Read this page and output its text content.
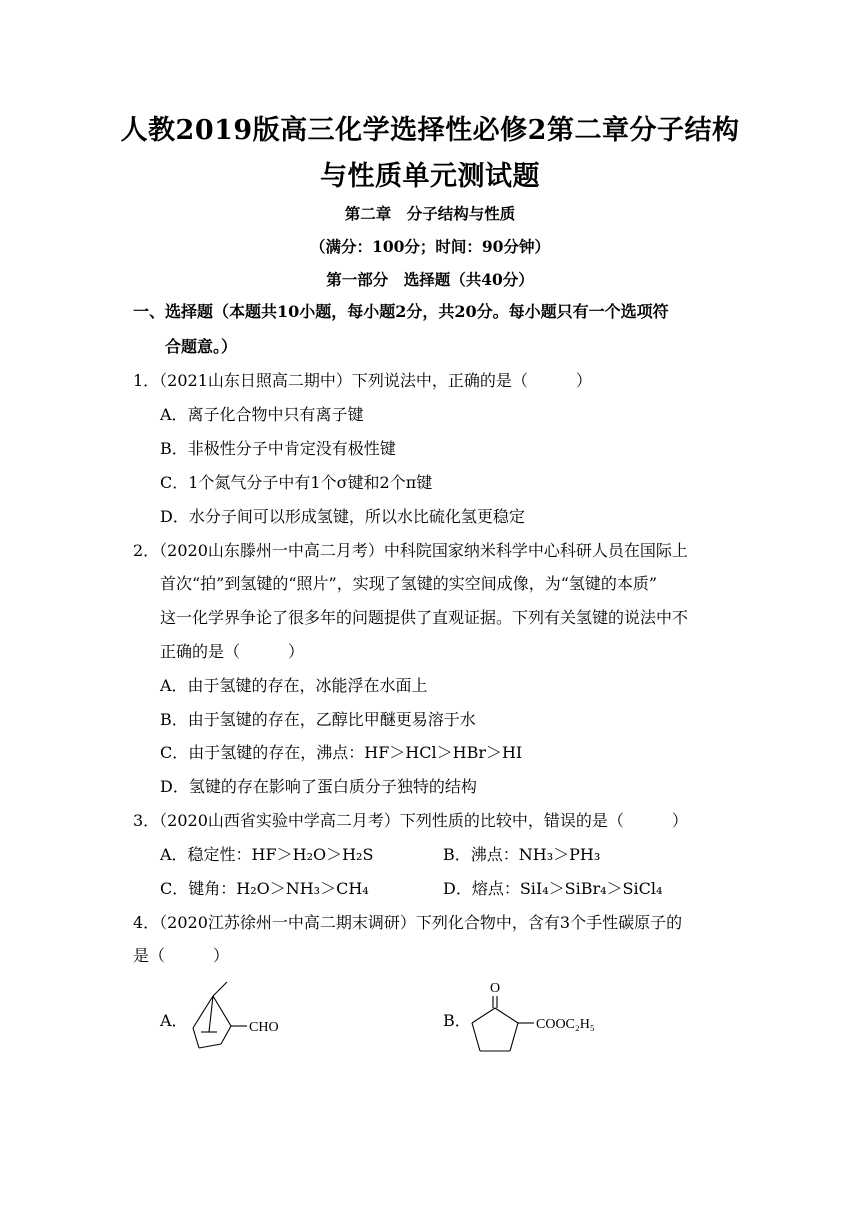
人教2019版高三化学选择性必修2第二章分子结构
与性质单元测试题
第二章　分子结构与性质
（满分：100分；时间：90分钟）
第一部分　选择题（共40分）
一、选择题（本题共10小题，每小题2分，共20分。每小题只有一个选项符
合题意。）
1．（2021山东日照高二期中）下列说法中，正确的是（　　　）
A．离子化合物中只有离子键
B．非极性分子中肯定没有极性键
C．1个氮气分子中有1个σ键和2个π键
D．水分子间可以形成氢键，所以水比硫化氢更稳定
2．（2020山东滕州一中高二月考）中科院国家纳米科学中心科研人员在国际上
首次“拍”到氢键的“照片”，实现了氢键的实空间成像，为“氢键的本质”
这一化学界争论了很多年的问题提供了直观证据。下列有关氢键的说法中不
正确的是（　　　）
A．由于氢键的存在，冰能浮在水面上
B．由于氢键的存在，乙醇比甲醚更易溶于水
C．由于氢键的存在，沸点：HF＞HCl＞HBr＞HI
D．氢键的存在影响了蛋白质分子独特的结构
3．（2020山西省实验中学高二月考）下列性质的比较中，错误的是（　　　）
A．稳定性：HF＞H₂O＞H₂S	B．沸点：NH₃＞PH₃
C．键角：H₂O＞NH₃＞CH₄	D．熔点：SiI₄＞SiBr₄＞SiCl₄
4．（2020江苏徐州一中高二期末调研）下列化合物中，含有3个手性碳原子的
是（　　　）
A．	CHO	B．
O
COOC₂H₅
